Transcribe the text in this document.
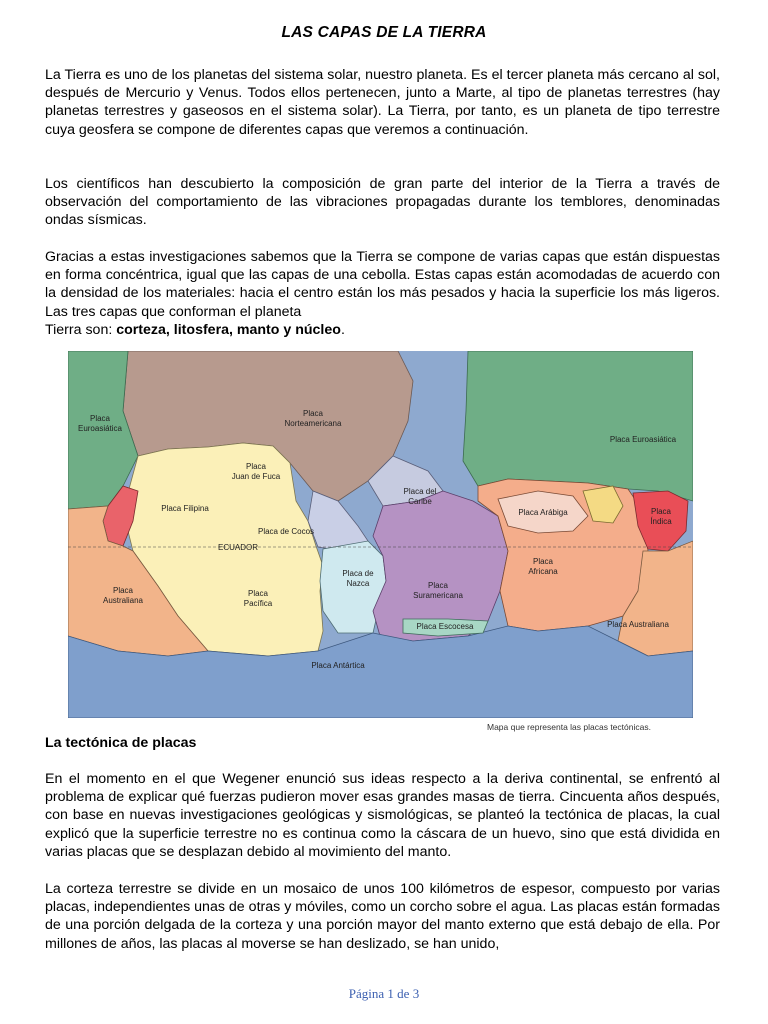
LAS CAPAS DE LA TIERRA

La Tierra es uno de los planetas del sistema solar, nuestro planeta. Es el tercer planeta más cercano al sol, después de Mercurio y Venus. Todos ellos pertenecen, junto a Marte, al tipo de planetas terrestres (hay planetas terrestres y gaseosos en el sistema solar). La Tierra, por tanto, es un planeta de tipo terrestre cuya geosfera se compone de diferentes capas que veremos a continuación.

Los científicos han descubierto la composición de gran parte del interior de la Tierra a través de observación del comportamiento de las vibraciones propagadas durante los temblores, denominadas ondas sísmicas.

Gracias a estas investigaciones sabemos que la Tierra se compone de varias capas que están dispuestas en forma concéntrica, igual que las capas de una cebolla. Estas capas están acomodadas de acuerdo con la densidad de los materiales: hacia el centro están los más pesados y hacia la superficie los más ligeros. Las tres capas que conforman el planeta
Tierra son: corteza, litosfera, manto y núcleo.

Placa Euroasiática
Placa Norteamericana
Placa Juan de Fuca
Placa Filipina
Placa de Cocos
ECUADOR
Placa del Caribe
Placa Australiana
Placa Pacífica
Placa de Nazca	Placa Suramericana
Placa Arábiga
Placa Africana
Placa Índica
Placa Euroasiática
Placa Australiana
Placa Antártica
Placa Escocesa
Mapa que representa las placas tectónicas.
La tectónica de placas

En el momento en el que Wegener enunció sus ideas respecto a la deriva continental, se enfrentó al problema de explicar qué fuerzas pudieron mover esas grandes masas de tierra. Cincuenta años después, con base en nuevas investigaciones geológicas y sismológicas, se planteó la tectónica de placas, la cual explicó que la superficie terrestre no es continua como la cáscara de un huevo, sino que está dividida en varias placas que se desplazan debido al movimiento del manto.

La corteza terrestre se divide en un mosaico de unos 100 kilómetros de espesor, compuesto por varias placas, independientes unas de otras y móviles, como un corcho sobre el agua. Las placas están formadas de una porción delgada de la corteza y una porción mayor del manto externo que está debajo de ella. Por millones de años, las placas al moverse se han deslizado, se han unido,

Página 1 de 3
